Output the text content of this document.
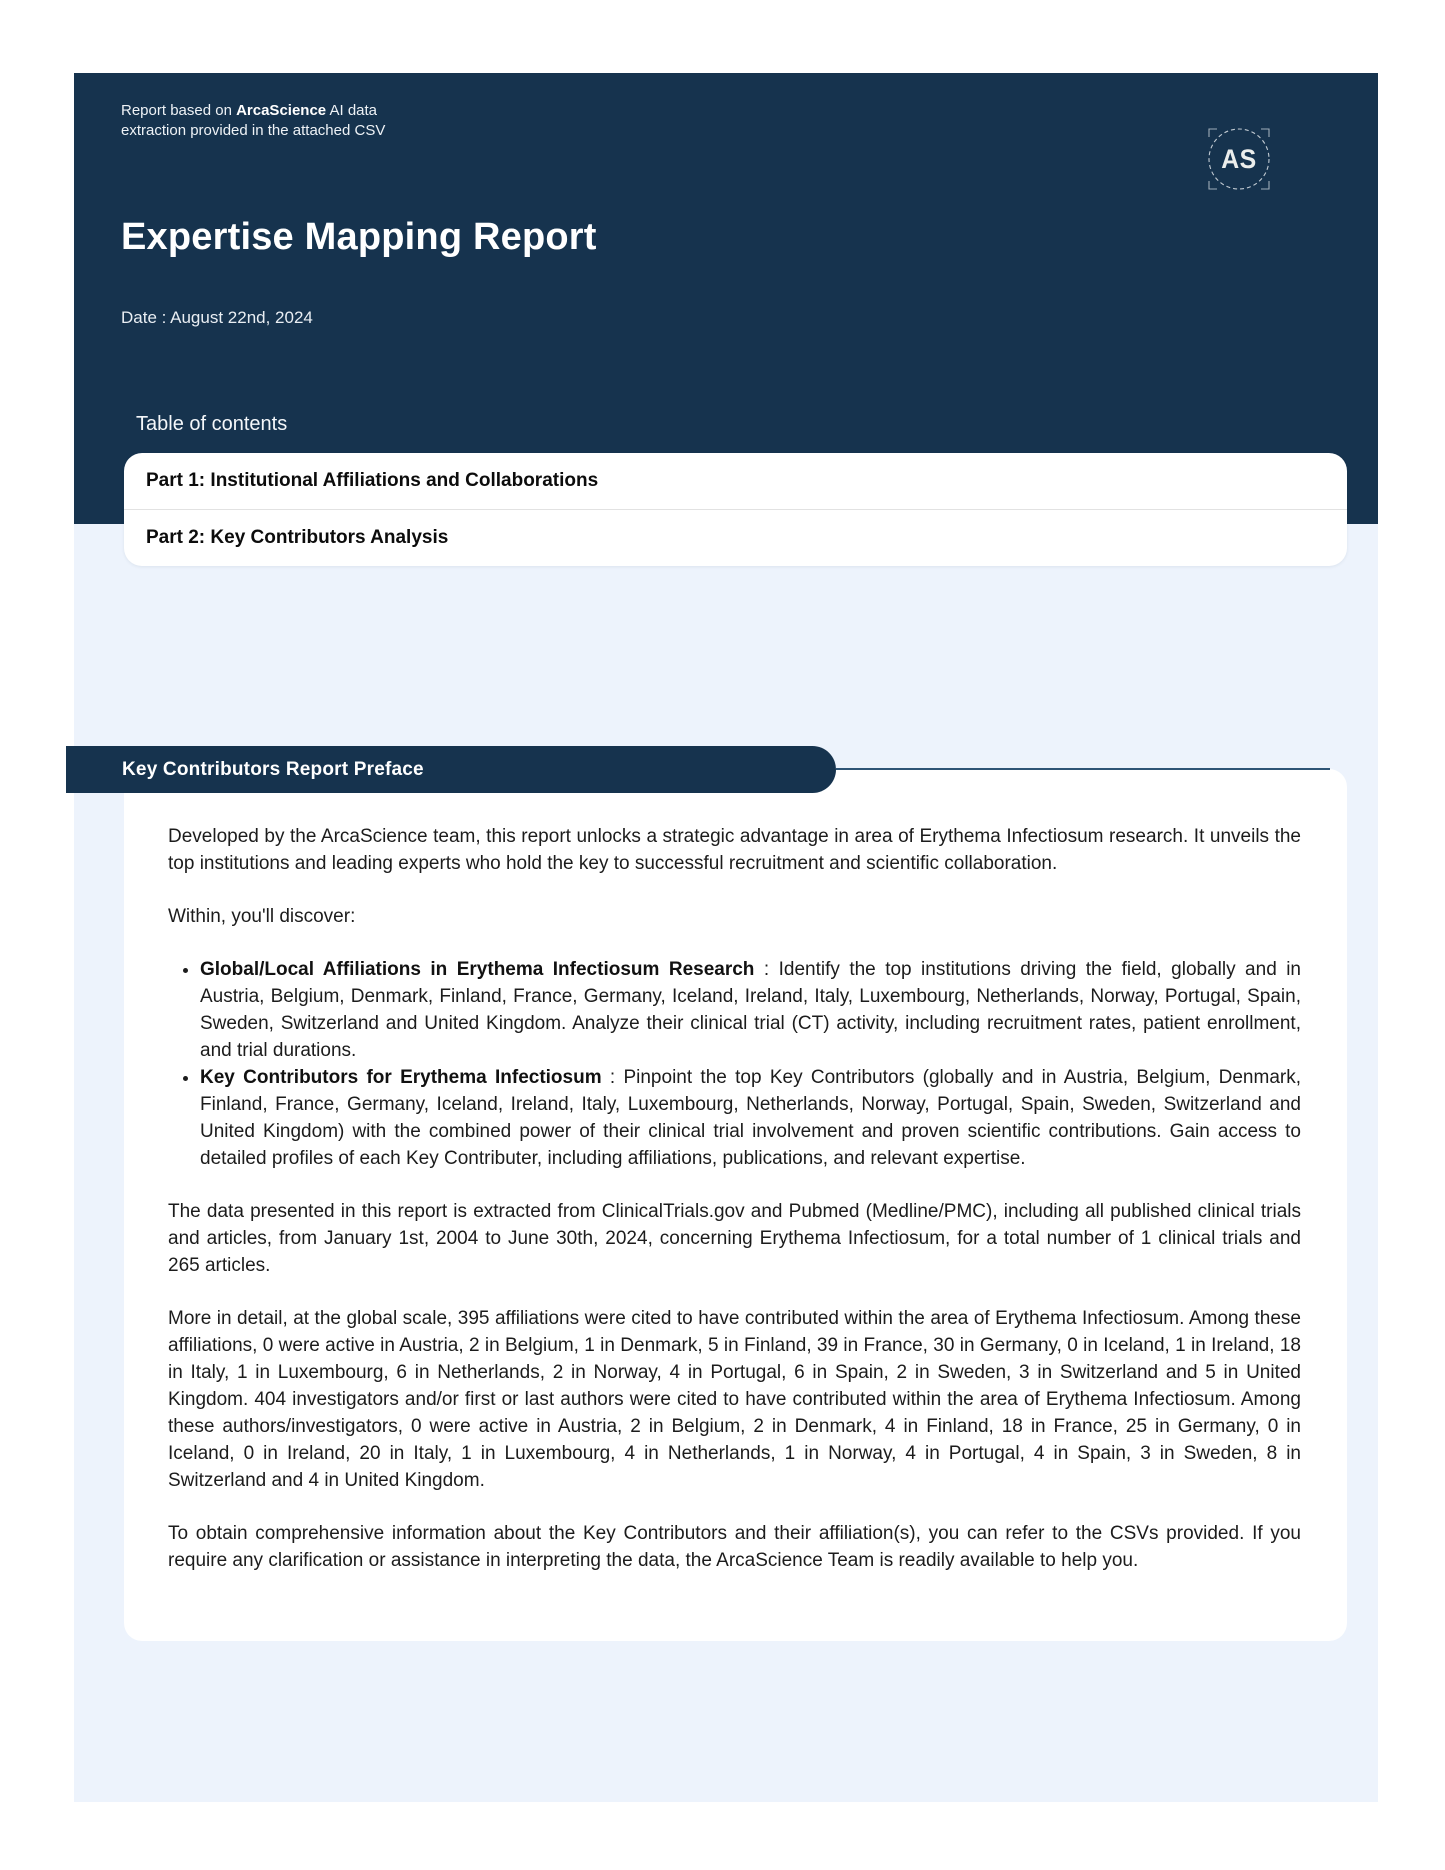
Report based on ArcaScience AI data extraction provided in the attached CSV
AS
Expertise Mapping Report
Date : August 22nd, 2024
Table of contents
Part 1: Institutional Affiliations and Collaborations
Part 2: Key Contributors Analysis
Key Contributors Report Preface

Developed by the ArcaScience team, this report unlocks a strategic advantage in area of Erythema Infectiosum research. It unveils the top institutions and leading experts who hold the key to successful recruitment and scientific collaboration.

Within, you'll discover:

• Global/Local Affiliations in Erythema Infectiosum Research : Identify the top institutions driving the field, globally and in Austria, Belgium, Denmark, Finland, France, Germany, Iceland, Ireland, Italy, Luxembourg, Netherlands, Norway, Portugal, Spain, Sweden, Switzerland and United Kingdom. Analyze their clinical trial (CT) activity, including recruitment rates, patient enrollment, and trial durations.
• Key Contributors for Erythema Infectiosum : Pinpoint the top Key Contributors (globally and in Austria, Belgium, Denmark, Finland, France, Germany, Iceland, Ireland, Italy, Luxembourg, Netherlands, Norway, Portugal, Spain, Sweden, Switzerland and United Kingdom) with the combined power of their clinical trial involvement and proven scientific contributions. Gain access to detailed profiles of each Key Contributer, including affiliations, publications, and relevant expertise.

The data presented in this report is extracted from ClinicalTrials.gov and Pubmed (Medline/PMC), including all published clinical trials and articles, from January 1st, 2004 to June 30th, 2024, concerning Erythema Infectiosum, for a total number of 1 clinical trials and 265 articles.

More in detail, at the global scale, 395 affiliations were cited to have contributed within the area of Erythema Infectiosum. Among these affiliations, 0 were active in Austria, 2 in Belgium, 1 in Denmark, 5 in Finland, 39 in France, 30 in Germany, 0 in Iceland, 1 in Ireland, 18 in Italy, 1 in Luxembourg, 6 in Netherlands, 2 in Norway, 4 in Portugal, 6 in Spain, 2 in Sweden, 3 in Switzerland and 5 in United Kingdom. 404 investigators and/or first or last authors were cited to have contributed within the area of Erythema Infectiosum. Among these authors/investigators, 0 were active in Austria, 2 in Belgium, 2 in Denmark, 4 in Finland, 18 in France, 25 in Germany, 0 in Iceland, 0 in Ireland, 20 in Italy, 1 in Luxembourg, 4 in Netherlands, 1 in Norway, 4 in Portugal, 4 in Spain, 3 in Sweden, 8 in Switzerland and 4 in United Kingdom.

To obtain comprehensive information about the Key Contributors and their affiliation(s), you can refer to the CSVs provided. If you require any clarification or assistance in interpreting the data, the ArcaScience Team is readily available to help you.
